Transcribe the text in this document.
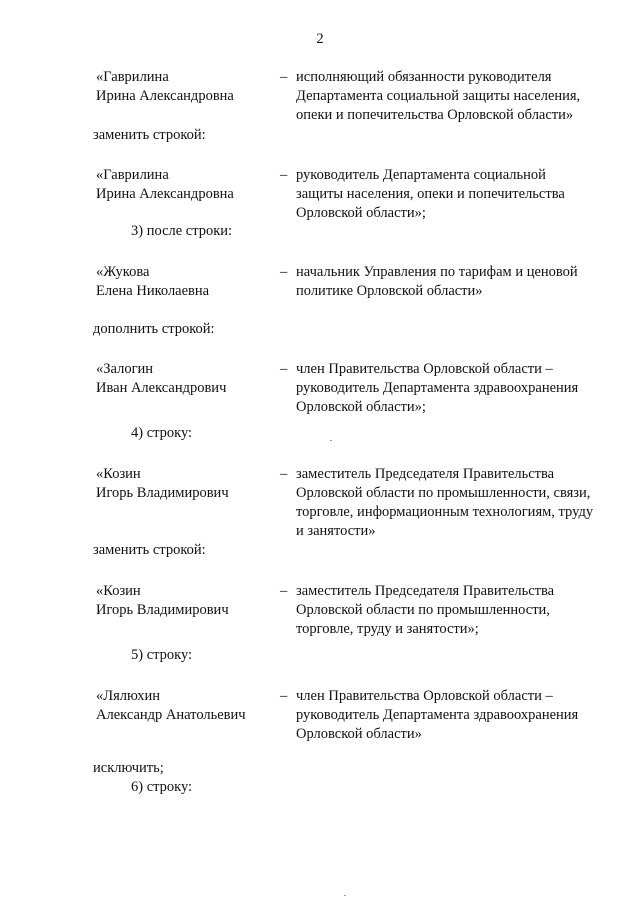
2
«Гаврилина
Ирина Александровна
– исполняющий обязанности руководителя
Департамента социальной защиты населения,
опеки и попечительства Орловской области»
заменить строкой:
«Гаврилина
Ирина Александровна
– руководитель Департамента социальной
защиты населения, опеки и попечительства
Орловской области»;
3) после строки:
«Жукова
Елена Николаевна
– начальник Управления по тарифам и ценовой
политике Орловской области»
дополнить строкой:
«Залогин
Иван Александрович
– член Правительства Орловской области –
руководитель Департамента здравоохранения
Орловской области»;
4) строку:
«Козин
Игорь Владимирович
– заместитель Председателя Правительства
Орловской области по промышленности, связи,
торговле, информационным технологиям, труду
и занятости»
заменить строкой:
«Козин
Игорь Владимирович
– заместитель Председателя Правительства
Орловской области по промышленности,
торговле, труду и занятости»;
5) строку:
«Лялюхин
Александр Анатольевич
– член Правительства Орловской области –
руководитель Департамента здравоохранения
Орловской области»
исключить;
6) строку:
